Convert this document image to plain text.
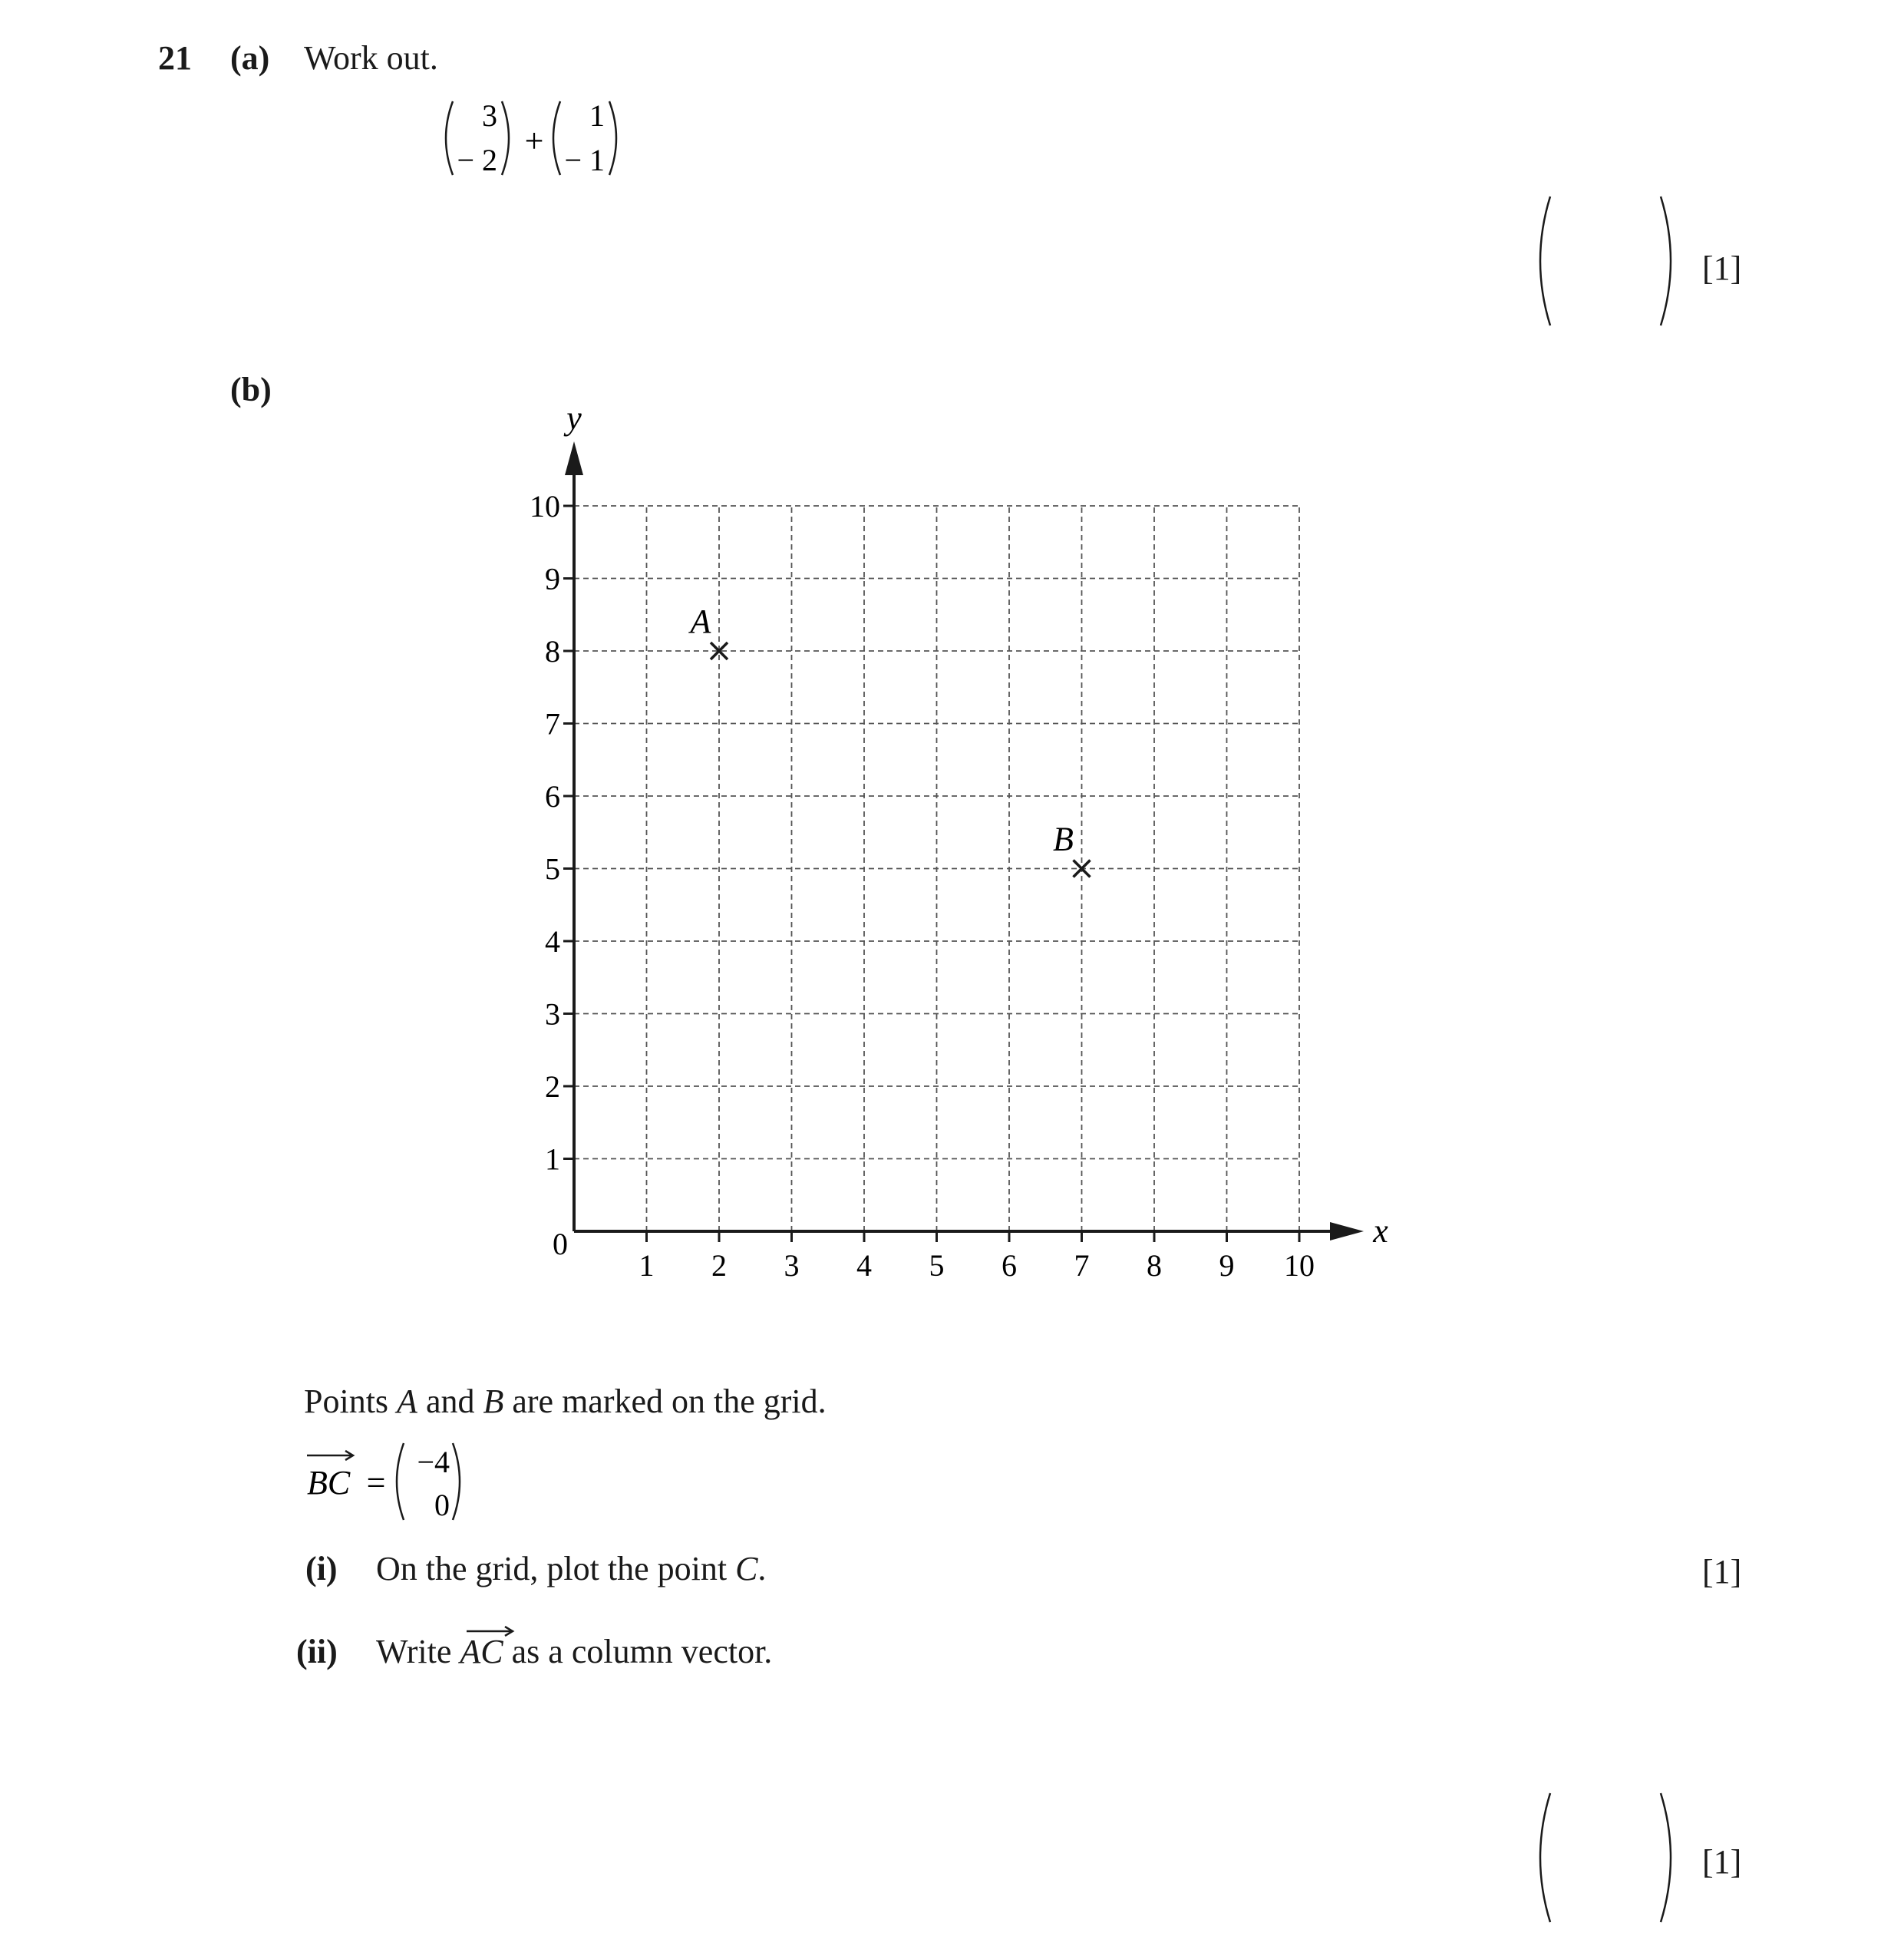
21 (a) Work out.
3
− 2
+
1
− 1
[1]
(b)
x
y
0
1 2 3 4 5 6 7 8 9 10
1
2
3
4
5
6
7
8
9
10
A
B
Points A and B are marked on the grid.
BC =
−4
0
(i) On the grid, plot the point C.	[1]
(ii) Write AC as a column vector.
[1]
